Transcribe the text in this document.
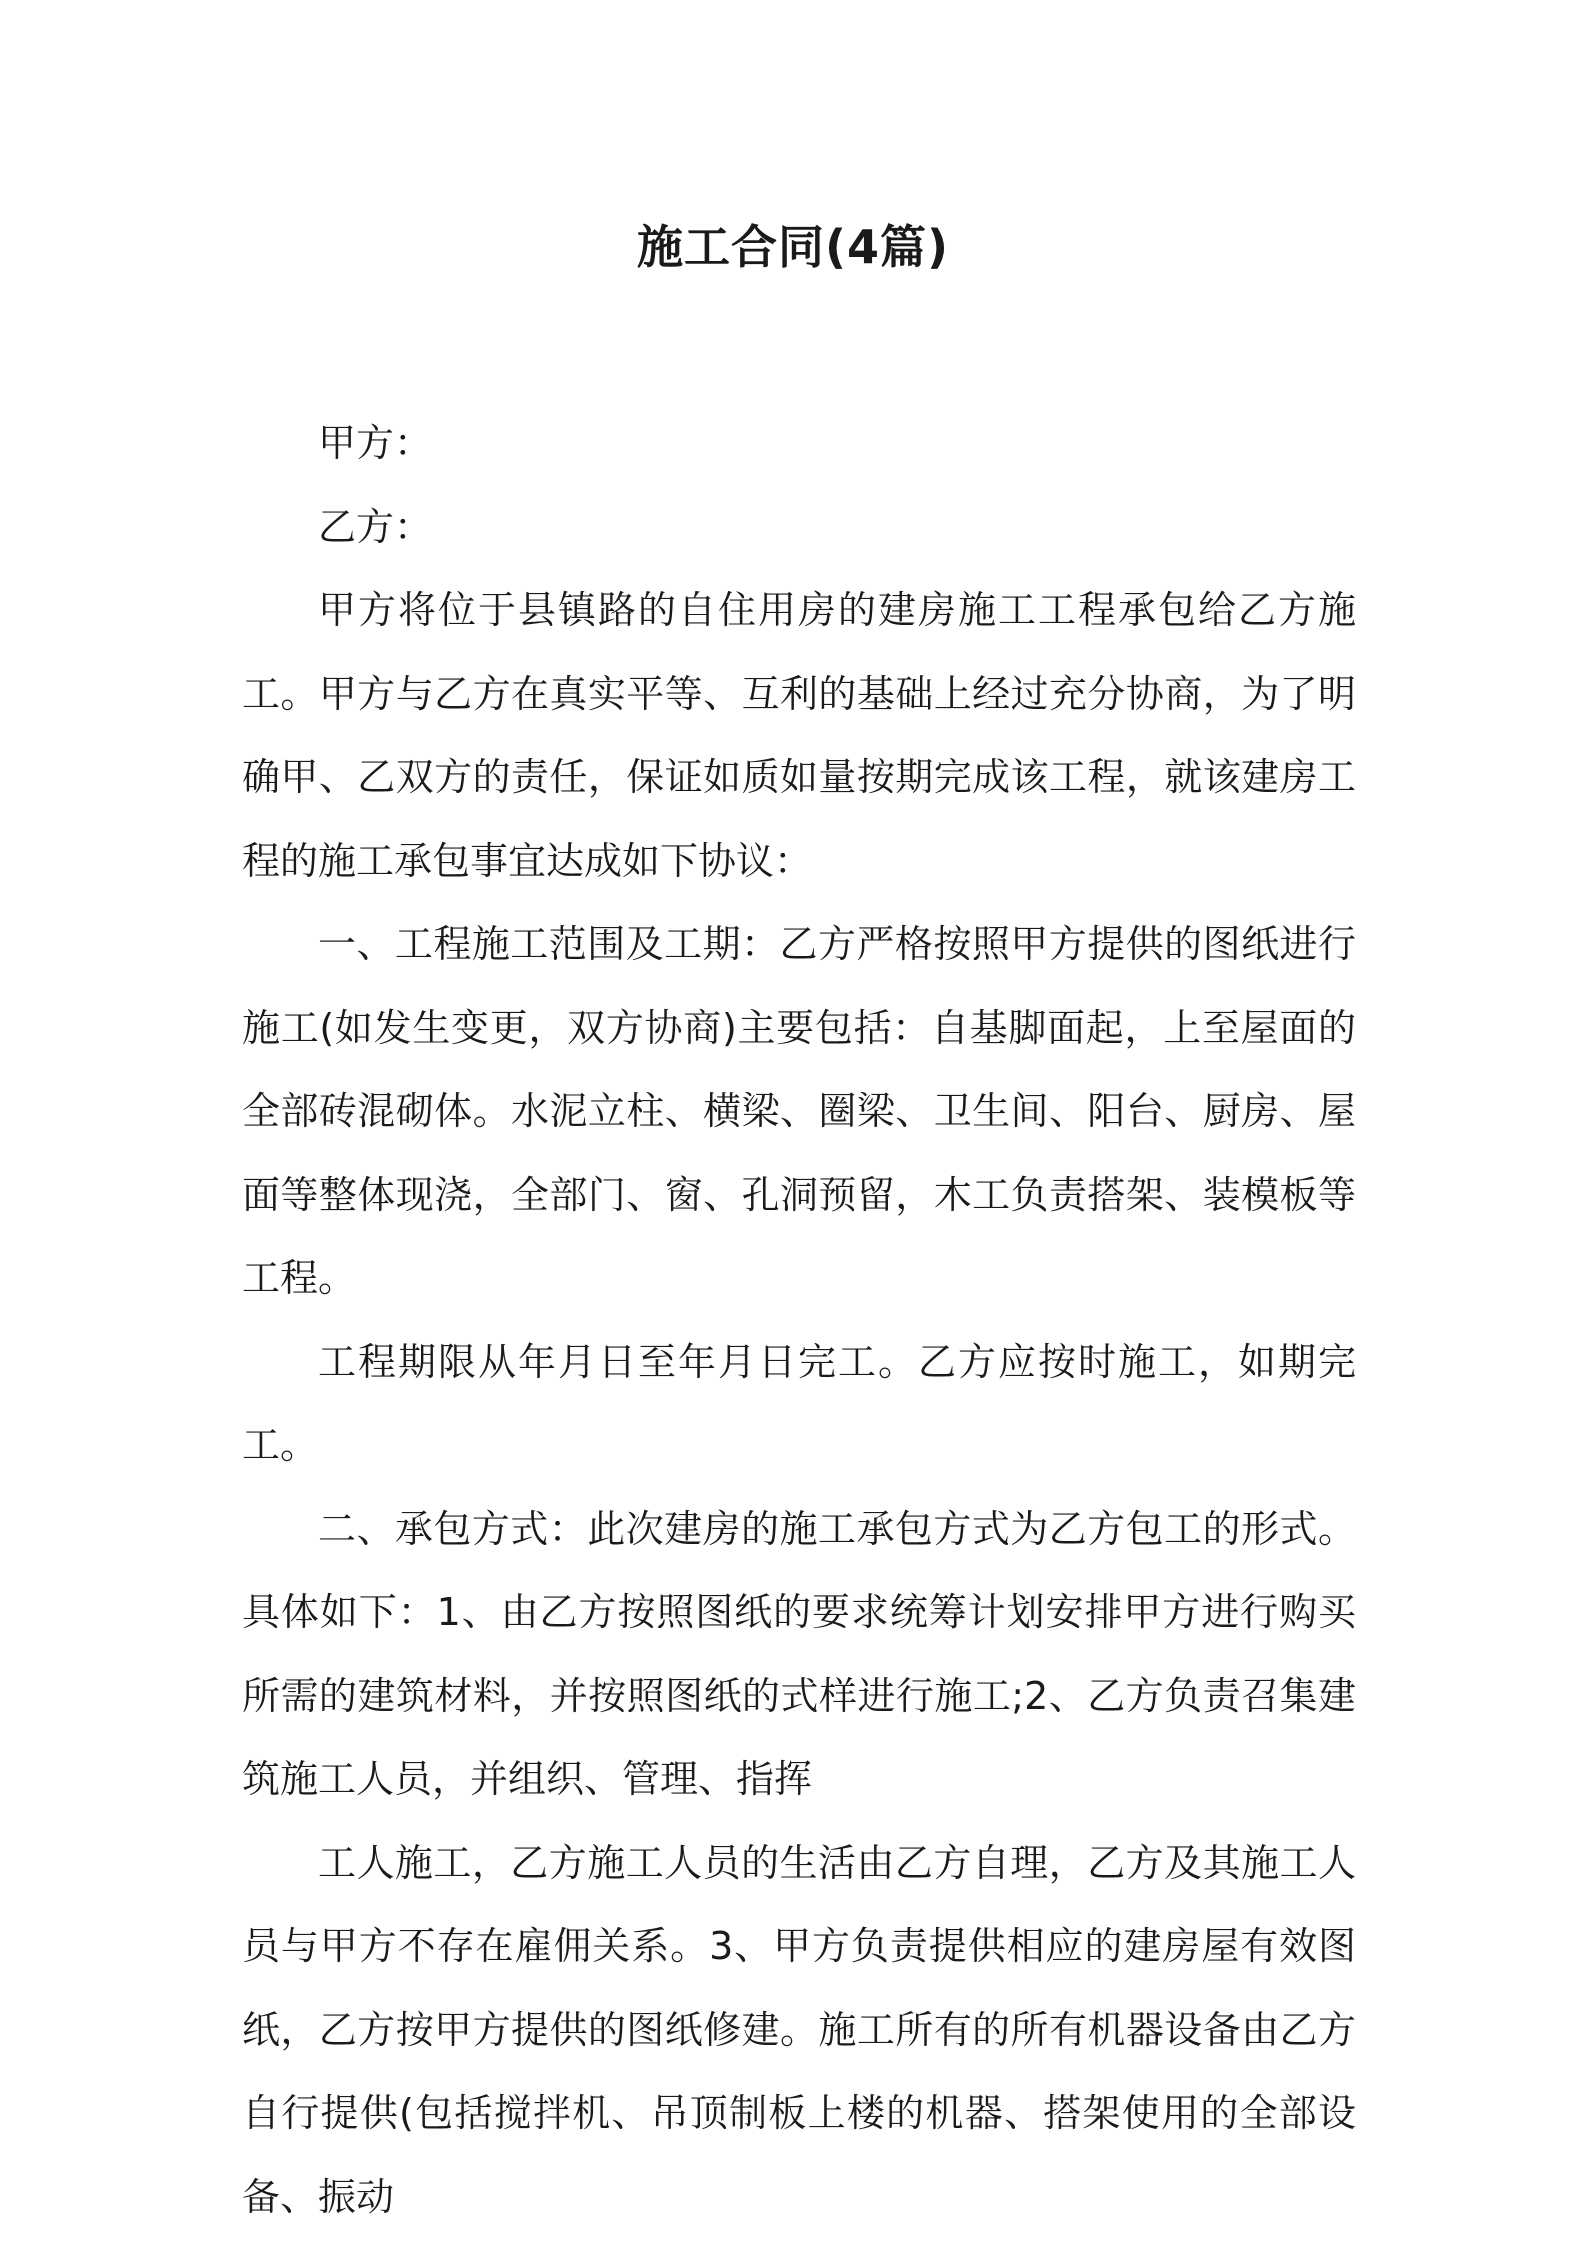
施工合同(4篇)

甲方：

乙方：

甲方将位于县镇路的自住用房的建房施工工程承包给乙方施工。甲方与乙方在真实平等、互利的基础上经过充分协商，为了明确甲、乙双方的责任，保证如质如量按期完成该工程，就该建房工程的施工承包事宜达成如下协议：

一、工程施工范围及工期：乙方严格按照甲方提供的图纸进行施工(如发生变更，双方协商)主要包括：自基脚面起，上至屋面的全部砖混砌体。水泥立柱、横梁、圈梁、卫生间、阳台、厨房、屋面等整体现浇，全部门、窗、孔洞预留，木工负责搭架、装模板等工程。

工程期限从年月日至年月日完工。乙方应按时施工，如期完工。

二、承包方式：此次建房的施工承包方式为乙方包工的形式。具体如下：1、由乙方按照图纸的要求统筹计划安排甲方进行购买所需的建筑材料，并按照图纸的式样进行施工;2、乙方负责召集建筑施工人员，并组织、管理、指挥

工人施工，乙方施工人员的生活由乙方自理，乙方及其施工人员与甲方不存在雇佣关系。3、甲方负责提供相应的建房屋有效图纸，乙方按甲方提供的图纸修建。施工所有的所有机器设备由乙方自行提供(包括搅拌机、吊顶制板上楼的机器、搭架使用的全部设备、振动
